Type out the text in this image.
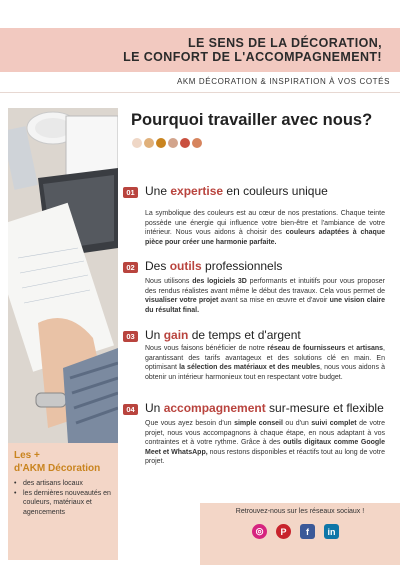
LE SENS DE LA DÉCORATION,
LE CONFORT DE L'ACCOMPAGNEMENT!
AKM DÉCORATION & INSPIRATION À VOS COTÉS
Les +
d'AKM Décoration
• des artisans locaux
• les dernières nouveautés en couleurs, matériaux et agencements
Pourquoi travailler avec nous?
01 Une expertise en couleurs unique
La symbolique des couleurs est au cœur de nos prestations. Chaque teinte possède une énergie qui influence votre bien-être et l'ambiance de votre intérieur. Nous vous aidons à choisir des couleurs adaptées à chaque pièce pour créer une harmonie parfaite.
02 Des outils professionnels
Nous utilisons des logiciels 3D performants et intuitifs pour vous proposer des rendus réalistes avant même le début des travaux. Cela vous permet de visualiser votre projet avant sa mise en œuvre et d'avoir une vision claire du résultat final.
03 Un gain de temps et d'argent
Nous vous faisons bénéficier de notre réseau de fournisseurs et artisans, garantissant des tarifs avantageux et des solutions clé en main. En optimisant la sélection des matériaux et des meubles, nous vous aidons à obtenir un intérieur harmonieux tout en respectant votre budget.
04 Un accompagnement sur-mesure et flexible
Que vous ayez besoin d'un simple conseil ou d'un suivi complet de votre projet, nous vous accompagnons à chaque étape, en nous adaptant à vos contraintes et à votre rythme. Grâce à des outils digitaux comme Google Meet et WhatsApp, nous restons disponibles et réactifs tout au long de votre projet.
Retrouvez-nous sur les réseaux sociaux !
◎	P	f	in
